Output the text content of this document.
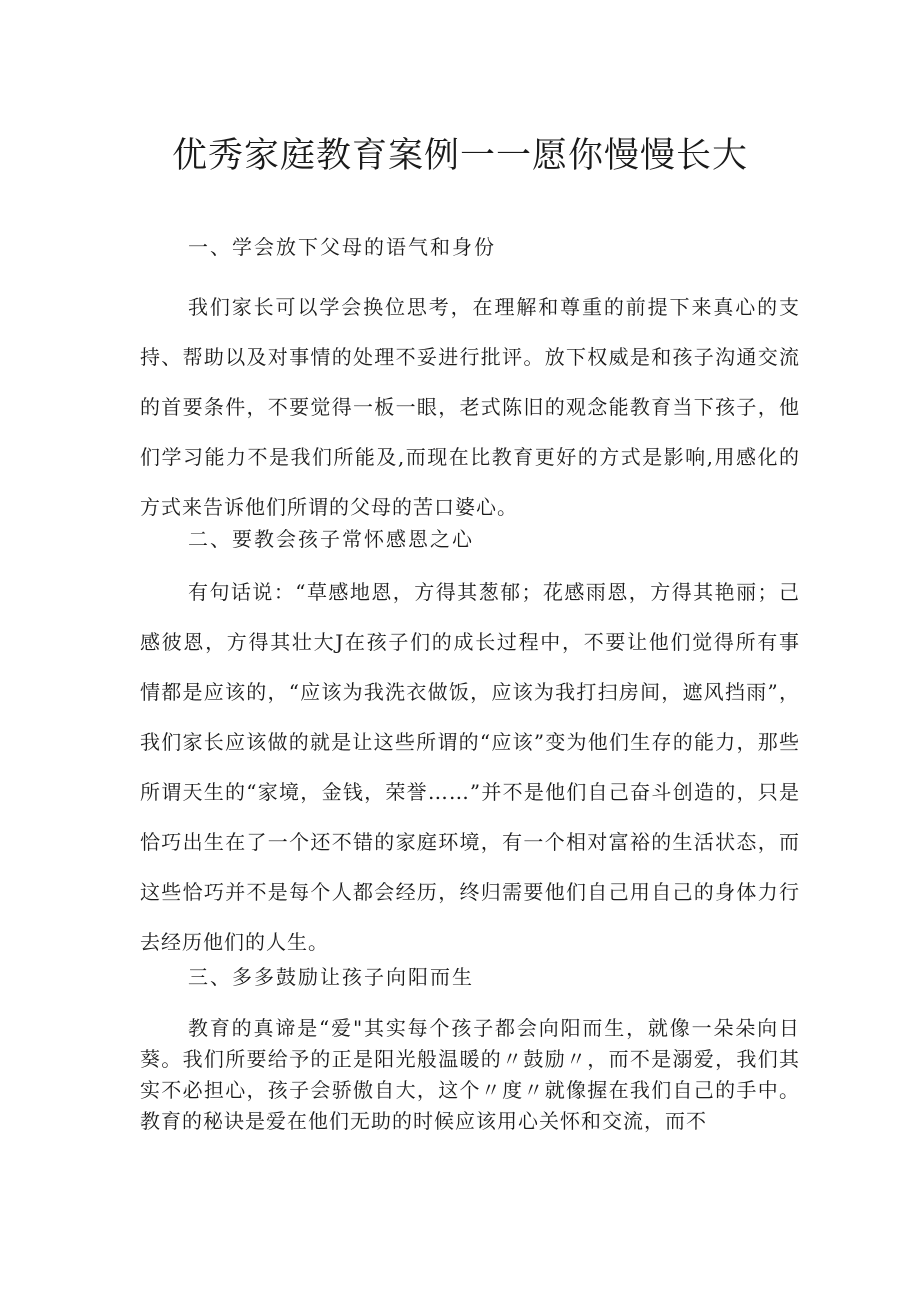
优秀家庭教育案例一一愿你慢慢长大
一、学会放下父母的语气和身份

我们家长可以学会换位思考，在理解和尊重的前提下来真心的支持、帮助以及对事情的处理不妥进行批评。放下权威是和孩子沟通交流的首要条件，不要觉得一板一眼，老式陈旧的观念能教育当下孩子，他们学习能力不是我们所能及,而现在比教育更好的方式是影响,用感化的方式来告诉他们所谓的父母的苦口婆心。

二、要教会孩子常怀感恩之心

有句话说：“草感地恩，方得其葱郁；花感雨恩，方得其艳丽；己感彼恩，方得其壮大J在孩子们的成长过程中，不要让他们觉得所有事情都是应该的，“应该为我洗衣做饭，应该为我打扫房间，遮风挡雨”，我们家长应该做的就是让这些所谓的“应该”变为他们生存的能力，那些所谓天生的“家境，金钱，荣誉……”并不是他们自己奋斗创造的，只是恰巧出生在了一个还不错的家庭环境，有一个相对富裕的生活状态，而这些恰巧并不是每个人都会经历，终归需要他们自己用自己的身体力行去经历他们的人生。

三、多多鼓励让孩子向阳而生

教育的真谛是“爱"其实每个孩子都会向阳而生，就像一朵朵向日葵。我们所要给予的正是阳光般温暖的〃鼓励〃，而不是溺爱，我们其实不必担心，孩子会骄傲自大，这个〃度〃就像握在我们自己的手中。教育的秘诀是爱在他们无助的时候应该用心关怀和交流，而不
